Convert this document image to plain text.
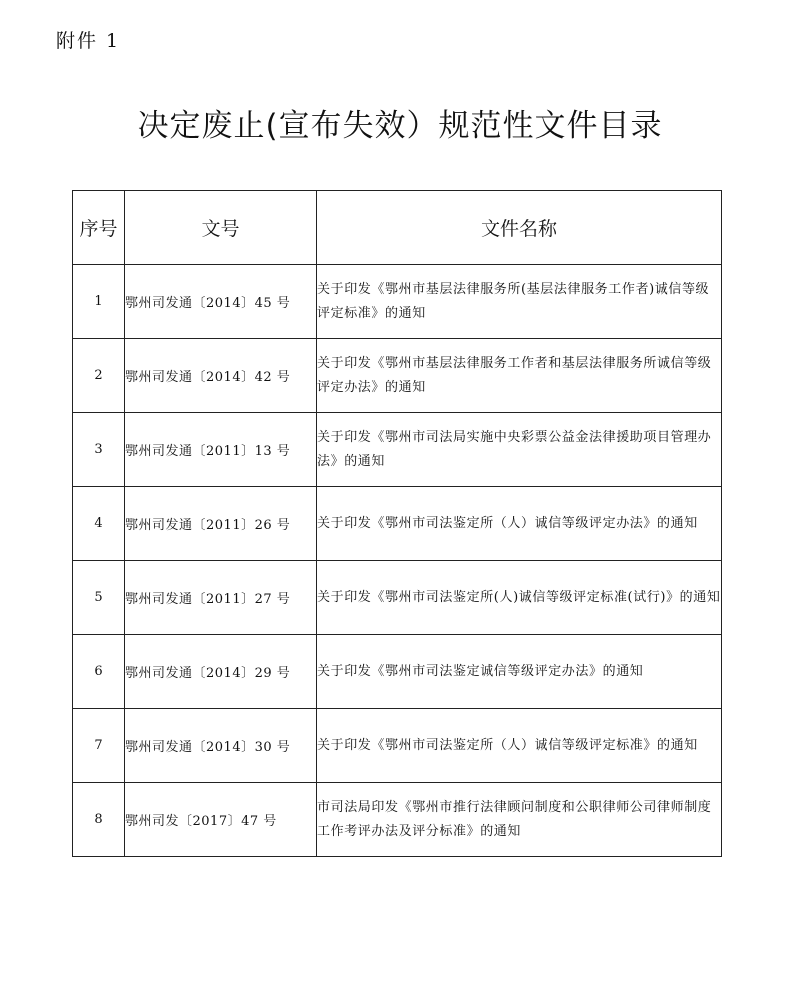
附件 1
决定废止(宣布失效）规范性文件目录
序号	文号	文件名称
1	鄂州司发通〔2014〕45 号	关于印发《鄂州市基层法律服务所(基层法律服务工作者)诚信等级评定标准》的通知
2	鄂州司发通〔2014〕42 号	关于印发《鄂州市基层法律服务工作者和基层法律服务所诚信等级评定办法》的通知
3	鄂州司发通〔2011〕13 号	关于印发《鄂州市司法局实施中央彩票公益金法律援助项目管理办法》的通知
4	鄂州司发通〔2011〕26 号	关于印发《鄂州市司法鉴定所（人）诚信等级评定办法》的通知
5	鄂州司发通〔2011〕27 号	关于印发《鄂州市司法鉴定所(人)诚信等级评定标准(试行)》的通知
6	鄂州司发通〔2014〕29 号	关于印发《鄂州市司法鉴定诚信等级评定办法》的通知
7	鄂州司发通〔2014〕30 号	关于印发《鄂州市司法鉴定所（人）诚信等级评定标准》的通知
8	鄂州司发〔2017〕47 号	市司法局印发《鄂州市推行法律顾问制度和公职律师公司律师制度工作考评办法及评分标准》的通知
